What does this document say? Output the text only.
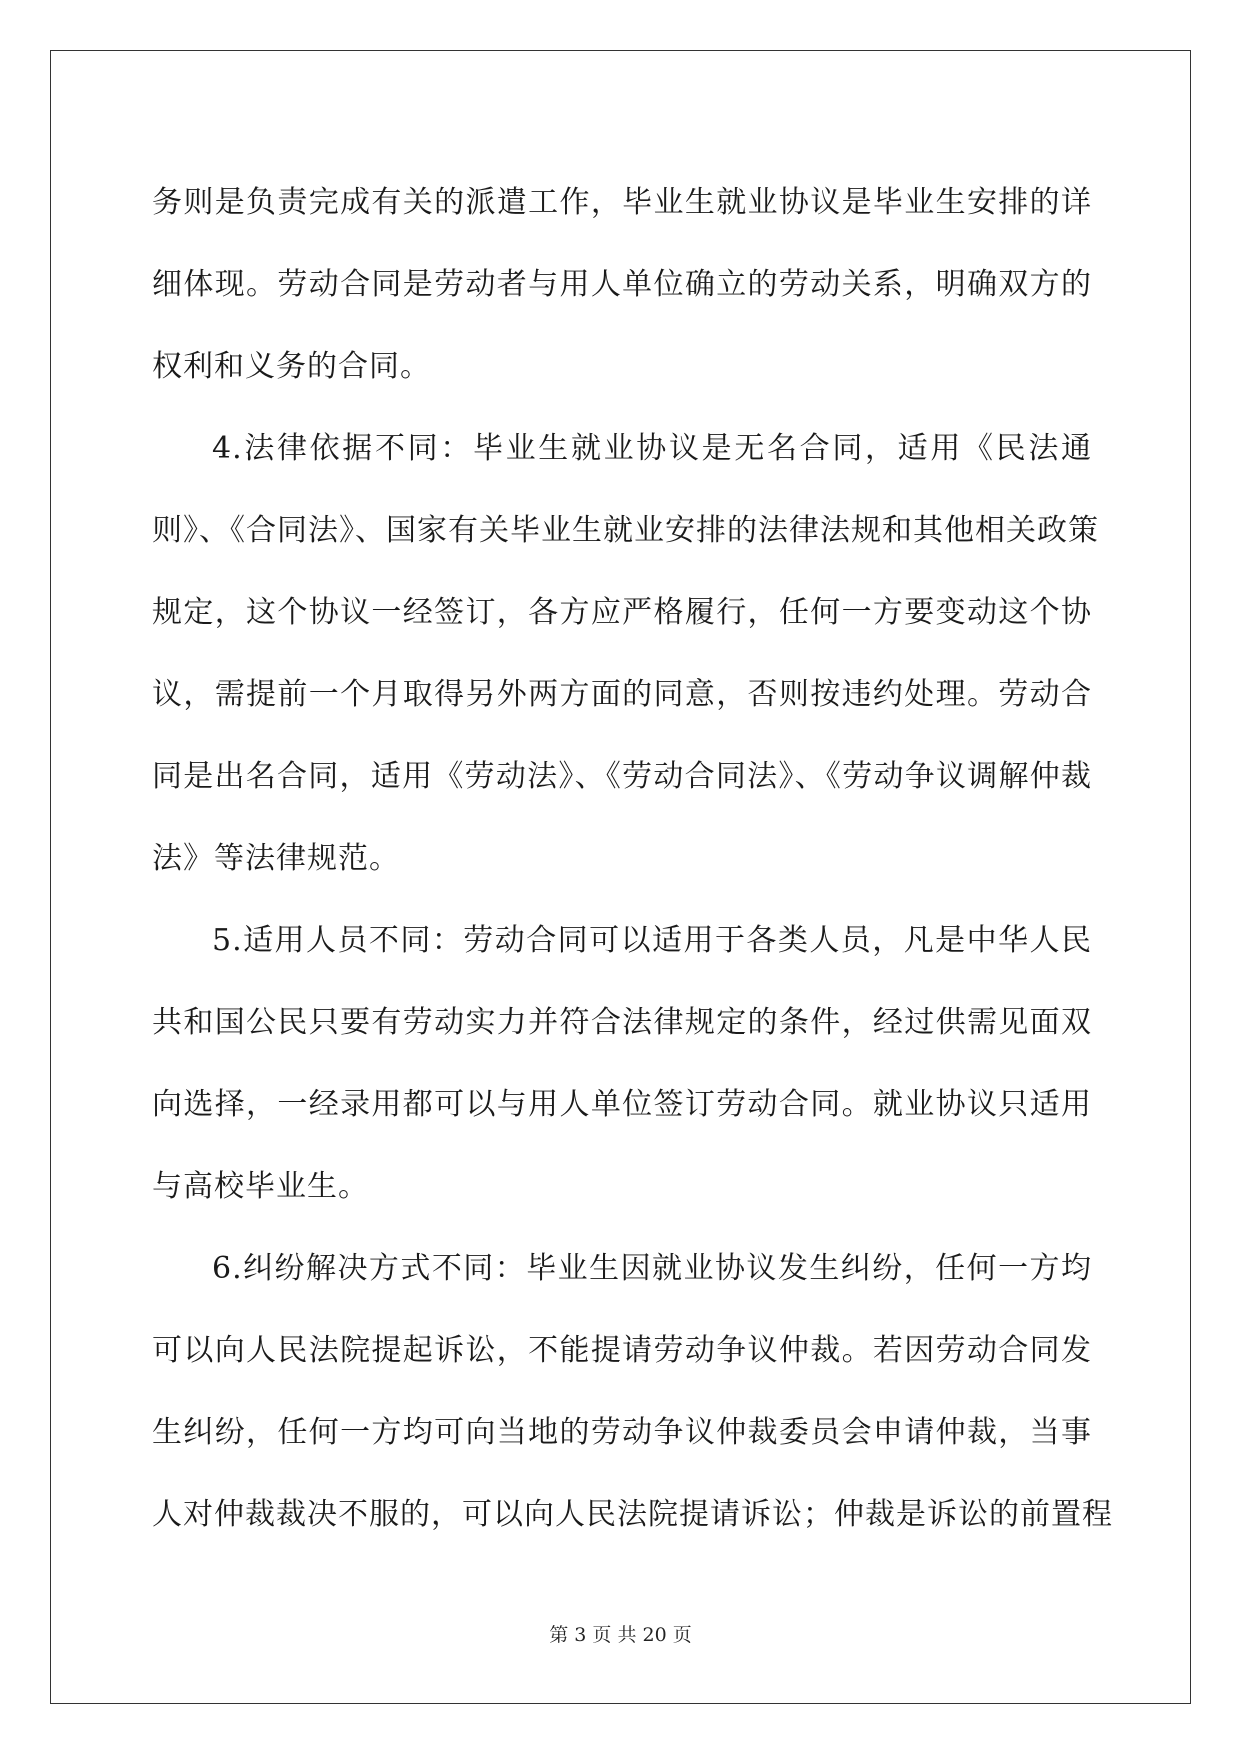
务则是负责完成有关的派遣工作，毕业生就业协议是毕业生安排的详
细体现。劳动合同是劳动者与用人单位确立的劳动关系，明确双方的
权利和义务的合同。
4.法律依据不同：毕业生就业协议是无名合同，适用《民法通
则》、《合同法》、国家有关毕业生就业安排的法律法规和其他相关政策
规定，这个协议一经签订，各方应严格履行，任何一方要变动这个协
议，需提前一个月取得另外两方面的同意，否则按违约处理。劳动合
同是出名合同，适用《劳动法》、《劳动合同法》、《劳动争议调解仲裁
法》等法律规范。
5.适用人员不同：劳动合同可以适用于各类人员，凡是中华人民
共和国公民只要有劳动实力并符合法律规定的条件，经过供需见面双
向选择，一经录用都可以与用人单位签订劳动合同。就业协议只适用
与高校毕业生。
6.纠纷解决方式不同：毕业生因就业协议发生纠纷，任何一方均
可以向人民法院提起诉讼，不能提请劳动争议仲裁。若因劳动合同发
生纠纷，任何一方均可向当地的劳动争议仲裁委员会申请仲裁，当事
人对仲裁裁决不服的，可以向人民法院提请诉讼；仲裁是诉讼的前置程
第 3 页 共 20 页
